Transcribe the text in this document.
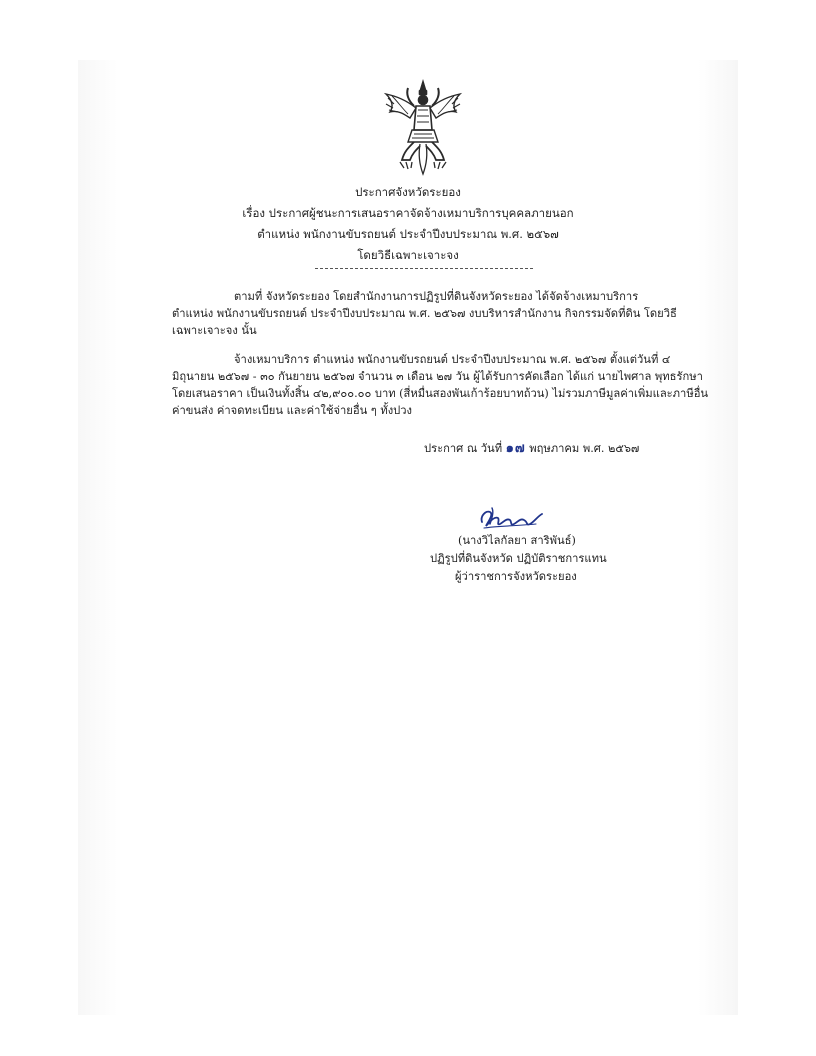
ประกาศจังหวัดระยอง
เรื่อง ประกาศผู้ชนะการเสนอราคาจัดจ้างเหมาบริการบุคคลภายนอก
ตำแหน่ง พนักงานขับรถยนต์ ประจำปีงบประมาณ พ.ศ. ๒๕๖๗
โดยวิธีเฉพาะเจาะจง
ตามที่ จังหวัดระยอง โดยสำนักงานการปฏิรูปที่ดินจังหวัดระยอง ได้จัดจ้างเหมาบริการ
ตำแหน่ง พนักงานขับรถยนต์ ประจำปีงบประมาณ พ.ศ. ๒๕๖๗ งบบริหารสำนักงาน กิจกรรมจัดที่ดิน โดยวิธี
เฉพาะเจาะจง นั้น
จ้างเหมาบริการ ตำแหน่ง พนักงานขับรถยนต์ ประจำปีงบประมาณ พ.ศ. ๒๕๖๗ ตั้งแต่วันที่ ๔
มิถุนายน ๒๕๖๗ - ๓๐ กันยายน ๒๕๖๗ จำนวน ๓ เดือน ๒๗ วัน ผู้ได้รับการคัดเลือก ได้แก่ นายไพศาล พุทธรักษา
โดยเสนอราคา เป็นเงินทั้งสิ้น ๔๒,๙๐๐.๐๐ บาท (สี่หมื่นสองพันเก้าร้อยบาทถ้วน) ไม่รวมภาษีมูลค่าเพิ่มและภาษีอื่น
ค่าขนส่ง ค่าจดทะเบียน และค่าใช้จ่ายอื่น ๆ ทั้งปวง
ประกาศ ณ วันที่ ๑๗ พฤษภาคม พ.ศ. ๒๕๖๗
(นางวิไลกัลยา สาริพันธ์)
ปฏิรูปที่ดินจังหวัด ปฏิบัติราชการแทน
ผู้ว่าราชการจังหวัดระยอง
